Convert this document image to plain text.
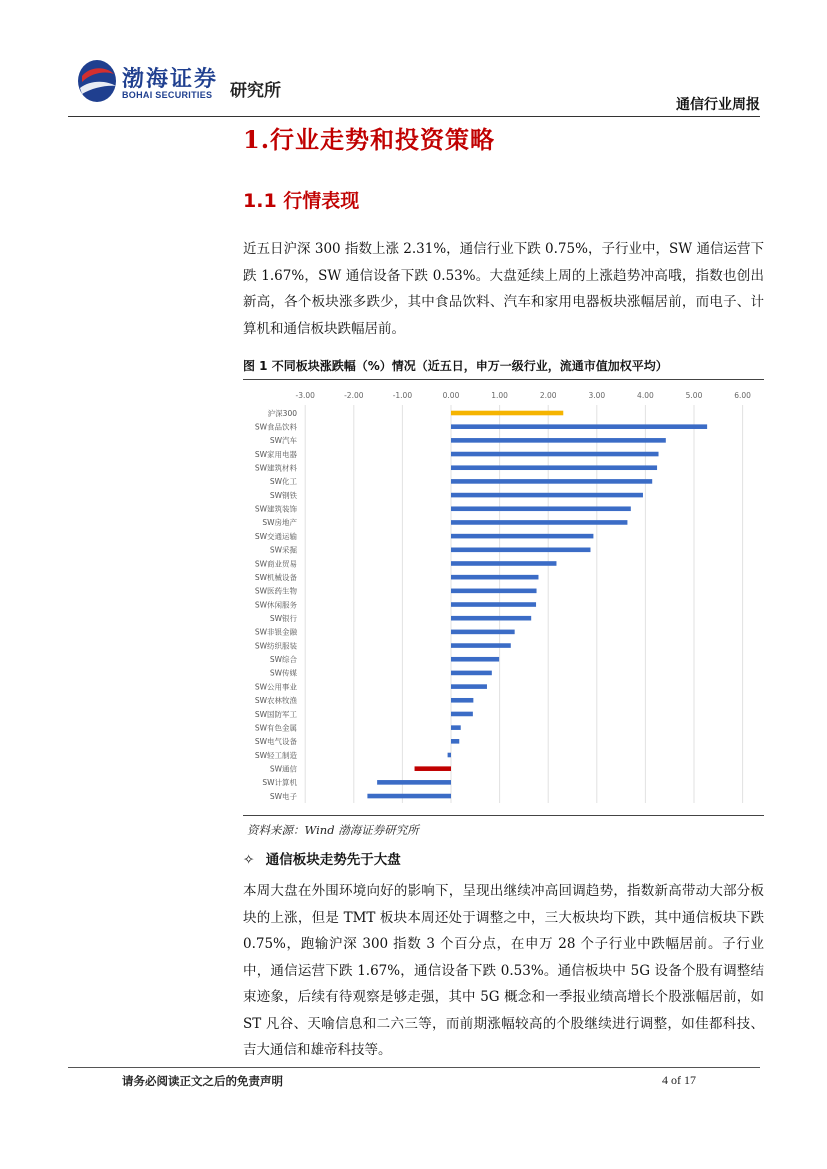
渤海证券
BOHAI SECURITIES 研究所
通信行业周报
1.行业走势和投资策略
1.1 行情表现

近五日沪深 300 指数上涨 2.31%，通信行业下跌 0.75%，子行业中，SW 通信运营下跌 1.67%，SW 通信设备下跌 0.53%。大盘延续上周的上涨趋势冲高哦，指数也创出新高，各个板块涨多跌少，其中食品饮料、汽车和家用电器板块涨幅居前，而电子、计算机和通信板块跌幅居前。

图 1 不同板块涨跌幅（%）情况（近五日，申万一级行业，流通市值加权平均）
-3.00	-2.00	-1.00	0.00	1.00	2.00	3.00	4.00	5.00	6.00
沪深300
SW食品饮料
SW汽车
SW家用电器
SW建筑材料
SW化工
SW钢铁
SW建筑装饰
SW房地产
SW交通运输
SW采掘
SW商业贸易
SW机械设备
SW医药生物
SW休闲服务
SW银行
SW非银金融
SW纺织服装
SW综合
SW传媒
SW公用事业
SW农林牧渔
SW国防军工
SW有色金属
SW电气设备
SW轻工制造
SW通信
SW计算机
SW电子
资料来源：Wind 渤海证券研究所
✧ 通信板块走势先于大盘

本周大盘在外围环境向好的影响下，呈现出继续冲高回调趋势，指数新高带动大部分板块的上涨，但是 TMT 板块本周还处于调整之中，三大板块均下跌，其中通信板块下跌 0.75%，跑输沪深 300 指数 3 个百分点，在申万 28 个子行业中跌幅居前。子行业中，通信运营下跌 1.67%，通信设备下跌 0.53%。通信板块中 5G 设备个股有调整结束迹象，后续有待观察是够走强，其中 5G 概念和一季报业绩高增长个股涨幅居前，如 ST 凡谷、天喻信息和二六三等，而前期涨幅较高的个股继续进行调整，如佳都科技、吉大通信和雄帝科技等。

请务必阅读正文之后的免责声明	4 of 17
